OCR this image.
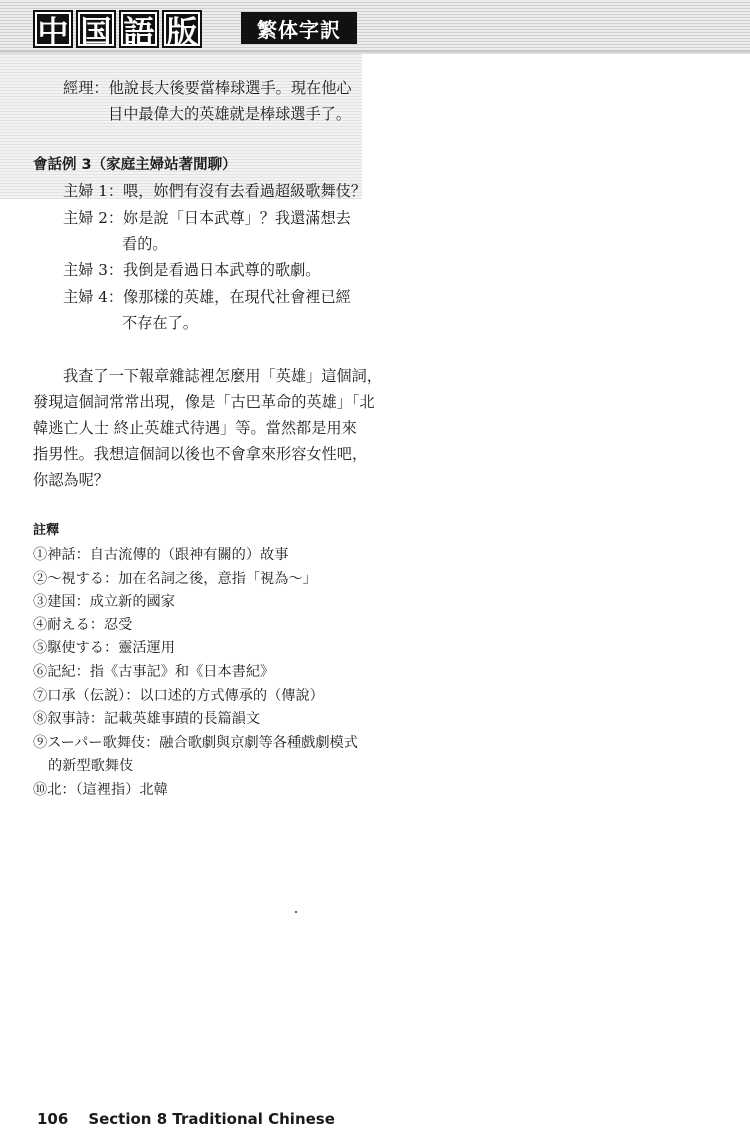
中 国 語 版	繁体字訳
經理：他說長大後要當棒球選手。現在他心
目中最偉大的英雄就是棒球選手了。
會話例 3（家庭主婦站著閒聊）
主婦 1：喂，妳們有沒有去看過超級歌舞伎？
主婦 2：妳是說「日本武尊」？我還滿想去
看的。
主婦 3：我倒是看過日本武尊的歌劇。
主婦 4：像那樣的英雄，在現代社會裡已經
不存在了。
我查了一下報章雜誌裡怎麼用「英雄」這個詞，
發現這個詞常常出現，像是「古巴革命的英雄」「北
韓逃亡人士 終止英雄式待遇」等。當然都是用來
指男性。我想這個詞以後也不會拿來形容女性吧，
你認為呢？
註釋
①神話：自古流傳的（跟神有關的）故事
②〜視する：加在名詞之後，意指「視為〜」
③建国：成立新的國家
④耐える：忍受
⑤駆使する：靈活運用
⑥記紀：指《古事記》和《日本書紀》
⑦口承（伝説）：以口述的方式傳承的（傳說）
⑧叙事詩：記載英雄事蹟的長篇韻文
⑨スーパー歌舞伎：融合歌劇與京劇等各種戲劇模式
的新型歌舞伎
⑩北：（這裡指）北韓
106 Section 8 Traditional Chinese
